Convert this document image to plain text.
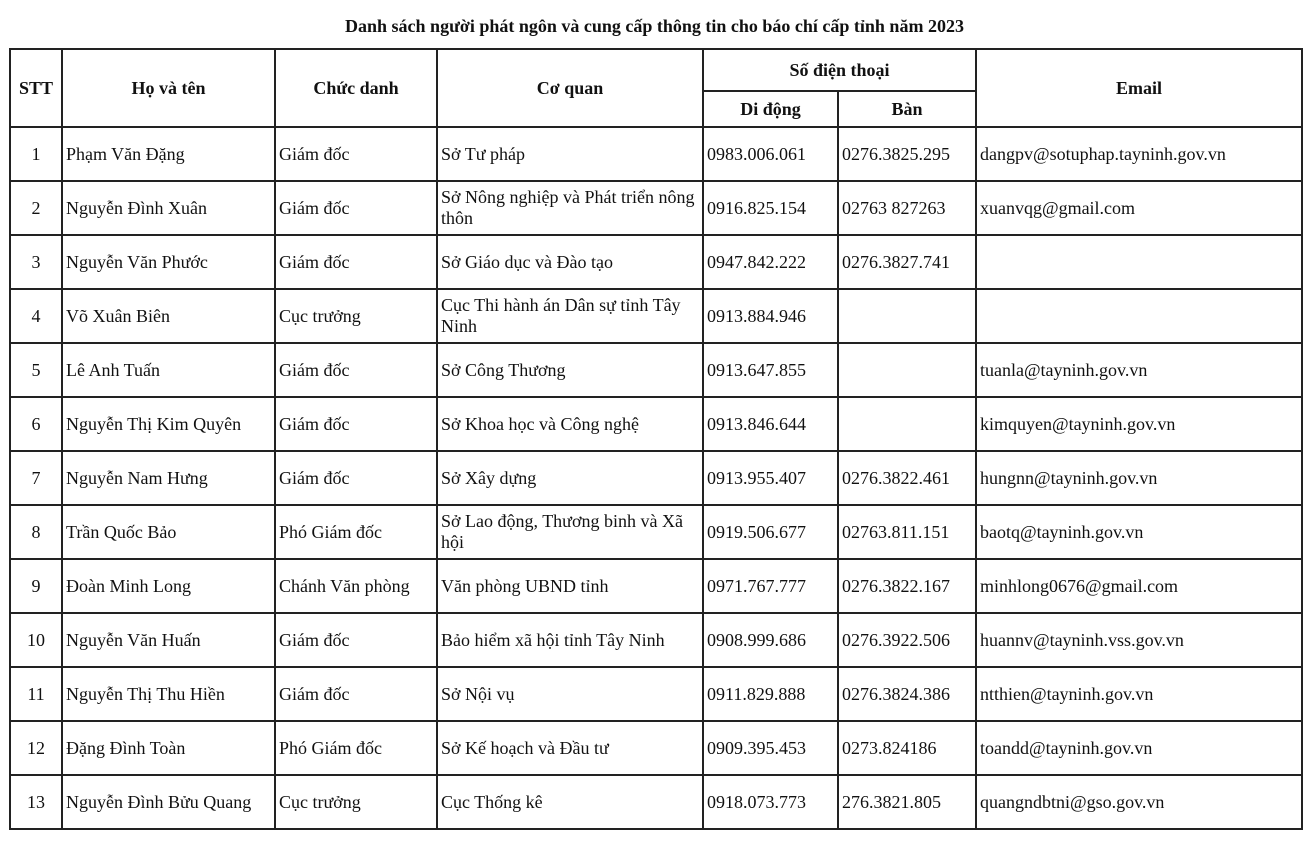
Danh sách người phát ngôn và cung cấp thông tin cho báo chí cấp tỉnh năm 2023
STT	Họ và tên	Chức danh	Cơ quan	Số điện thoại		Email
				Di động	Bàn	
1	Phạm Văn Đặng	Giám đốc	Sở Tư pháp	0983.006.061	0276.3825.295	dangpv@sotuphap.tayninh.gov.vn
2	Nguyễn Đình Xuân	Giám đốc	Sở Nông nghiệp và Phát triển nông thôn	0916.825.154	02763 827263	xuanvqg@gmail.com
3	Nguyễn Văn Phước	Giám đốc	Sở Giáo dục và Đào tạo	0947.842.222	0276.3827.741	
4	Võ Xuân Biên	Cục trưởng	Cục Thi hành án Dân sự tỉnh Tây Ninh	0913.884.946		
5	Lê Anh Tuấn	Giám đốc	Sở Công Thương	0913.647.855		tuanla@tayninh.gov.vn
6	Nguyễn Thị Kim Quyên	Giám đốc	Sở Khoa học và Công nghệ	0913.846.644		kimquyen@tayninh.gov.vn
7	Nguyễn Nam Hưng	Giám đốc	Sở Xây dựng	0913.955.407	0276.3822.461	hungnn@tayninh.gov.vn
8	Trần Quốc Bảo	Phó Giám đốc	Sở Lao động, Thương binh và Xã hội	0919.506.677	02763.811.151	baotq@tayninh.gov.vn
9	Đoàn Minh Long	Chánh Văn phòng	Văn phòng UBND tỉnh	0971.767.777	0276.3822.167	minhlong0676@gmail.com
10	Nguyễn Văn Huấn	Giám đốc	Bảo hiểm xã hội tỉnh Tây Ninh	0908.999.686	0276.3922.506	huannv@tayninh.vss.gov.vn
11	Nguyễn Thị Thu Hiền	Giám đốc	Sở Nội vụ	0911.829.888	0276.3824.386	ntthien@tayninh.gov.vn
12	Đặng Đình Toàn	Phó Giám đốc	Sở Kế hoạch và Đầu tư	0909.395.453	0273.824186	toandd@tayninh.gov.vn
13	Nguyễn Đình Bửu Quang	Cục trưởng	Cục Thống kê	0918.073.773	276.3821.805	quangndbtni@gso.gov.vn
